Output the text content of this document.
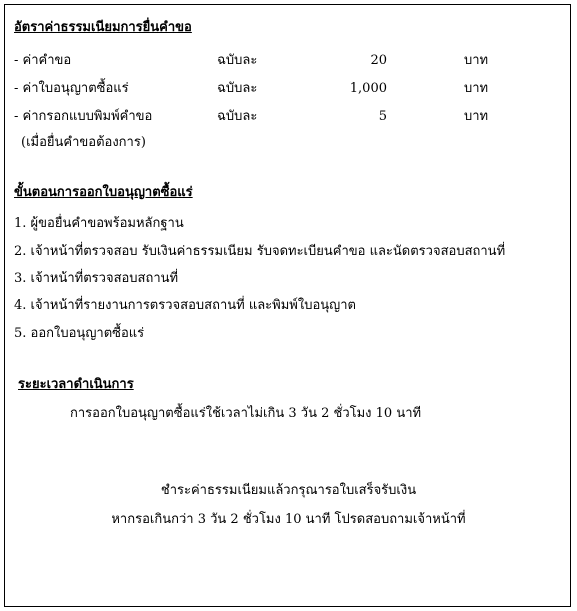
อัตราค่าธรรมเนียมการยื่นคำขอ
- ค่าคำขอ	ฉบับละ	20	บาท
- ค่าใบอนุญาตซื้อแร่	ฉบับละ	1,000	บาท
- ค่ากรอกแบบพิมพ์คำขอ	ฉบับละ	5	บาท
(เมื่อยื่นคำขอต้องการ)
ขั้นตอนการออกใบอนุญาตซื้อแร่
1. ผู้ขอยื่นคำขอพร้อมหลักฐาน
2. เจ้าหน้าที่ตรวจสอบ รับเงินค่าธรรมเนียม รับจดทะเบียนคำขอ และนัดตรวจสอบสถานที่
3. เจ้าหน้าที่ตรวจสอบสถานที่
4. เจ้าหน้าที่รายงานการตรวจสอบสถานที่ และพิมพ์ใบอนุญาต
5. ออกใบอนุญาตซื้อแร่
ระยะเวลาดำเนินการ
การออกใบอนุญาตซื้อแร่ใช้เวลาไม่เกิน 3 วัน 2 ชั่วโมง 10 นาที
ชำระค่าธรรมเนียมแล้วกรุณารอใบเสร็จรับเงิน
หากรอเกินกว่า 3 วัน 2 ชั่วโมง 10 นาที โปรดสอบถามเจ้าหน้าที่
